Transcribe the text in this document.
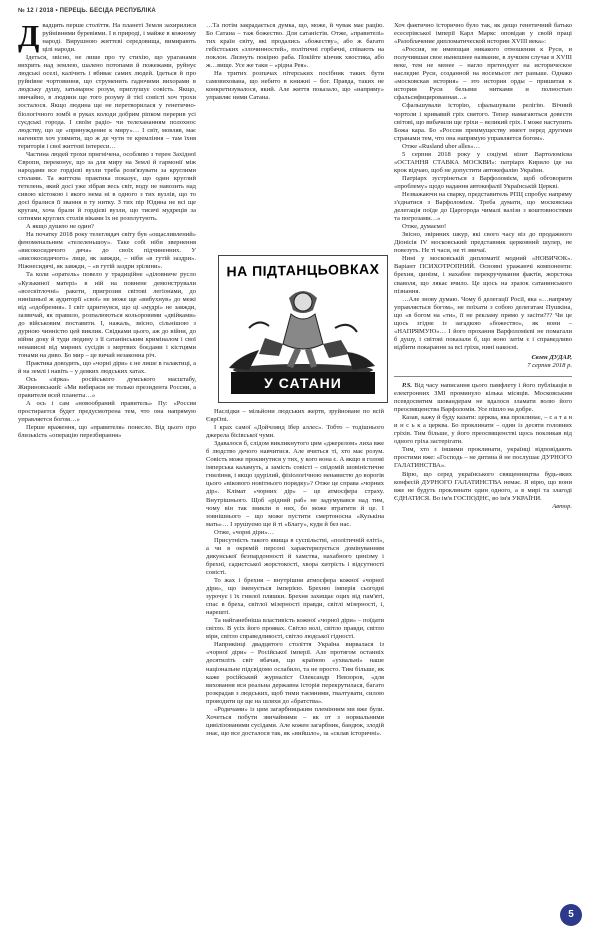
№ 12 / 2018 • ПЕРЕЦЬ. БЕСІДА РЕСПУБЛІКА
Д вадцять перше століття. На планеті Земля захирилися руйнівними буревіями. І в природі, і майже в кожному народі. Вирушною життєві середовища, вимирають цілі народи.

Ідеться, звісно, не лише про ту стихію, що ураганами вихрить над землею, шалено потопами й пожежами, руйнує людські оселі, калічить і вбиває самих людей. Ідеться й про руйнівне чортовиння, що струменить гадючими вихорами в людську душу, затьмарює розум, приглушує совість. Якщо, звичайно, в людини ще того розуму й тієї совісті хоч трохи зосталося. Якщо людина ще не перетворилася у генетично-біологічного зомбі в руках колоди добрим ріпком перерив усі суєдські города. І своїм радіо- чи телехананням полохнос людству, що це «принуждение к миру»… І світ, мовляв, має нагенкти хоч узямити, що ж де чути те кремління – там їхня територія і свої життєві інтереси…

Частина людей трохи пригнічена, особливо з терен Західної Європи, переконує, що за для миру на Землі й гармонії між народами все гордієві вузли треба розв'язувати за круглими столами. Та життєва практика показує, що один круглий тетелень, який досі уже зібрав весь світ, воду не навозить над сивою кістокою і якого нема ні в одного з тих вузлів, що то досі бралися її звання в ту нитку. З тих пір Юдина не всі ще кругам, хоча брали й гордієві вузли, що тисячі мудреців за сотнями круглих столів віками їх не розплутують.

А якщо душею не один?

На початку 2018 року телеглядач світу був «ощасливлений» феноменальним «телеленьшоу». Таке собі ніби звернення «високосидячого дяча» до своїх підчиненних. У «високосидячого» лице, як завжди, – ніби «в гутій заздри». Ніжнесидячі, як завжди, – «в гутій заздри зрілини».

Та коли «оратель» повело у традиційне «діловниче русло «Кузькиної матері» в ній на повнене демонстрували «всесвітлочні» ракети, пригрозив світові легіонами, до нинішньої ж аудиторії «свої» не може ще «вибухнув» до межі від «одобрения». І світ здригнувся, що ці «мудрі» не завжди, зазвичай, як правило, розпалюються кольоровими «двійками» до військовим поставити. І, нажаль, звісно, сільнішою з дурною чинністю цей виклик. Свідками цього, аж до війни, до війни доку й туди людину з її сатанінським криміналом і свої ненависні від мирних сусідів з мертвих боєдами і кістцями тонами на диво. Бо мир – це вичай незаконна річ.

Практика доводить, що «чорні діри» є не лише в галактиці, а й на землі і навіть – у деяких людських хатах.

Ось «зірка» російського думського масштабу, Жириновський: «Ми вибираєм не только президента России, а правителя всей планеты…»

А ось і сам «новообраний правитель» Пу: «Россия простирается будет предусмотрена тем, что она напрямую управляется богом…»

Перше враження, що «правителя» понесло. Від цього про близькість «операцію перезбирання»

…Та потім закрадається думка, що, може, й чувак має рацію. Бо Сатана – таж божество. Для сатаністів. Отже, «правителі» тих країн світу, які продались «божеству», або ж багато гебістських «злочинностей», політичні горбачні, співають на поклон. Лизнуть покірно раба. Покійте кінчик хвостика, або ж…вище. Усе же таки – «рідна Рея».

На тритих розпачах пітерських посібник таких бути самовихована, що небито в книжні – бог. Правда, таких не конкретизувалося, який. Але життя показало, що «напряму» управляє ними Сатана.

НА ПІДТАНЦЬОВКАХ
У САТАНИ

Наслідки – мільйони людських жертв, зруйноване по всій ЄврОпі.

І крах самої «Дойчлянд їбер аллес». Тобто – тодішнього джерела бісівської чуми.

Здавалося б, слідом викликнутого цим «джерелом» лиха вже б людство дечого навчитися. Але вчиться ті, хто має розум. Совість може прокинутися у тих, у кого вона є. А якщо в голові імперська каламуть, а замість совісті – свідомій шовіністичне гниління, і якщо здурілий, фізіологічною ненавистю до ворогів цього «вікового новітнього порядку»? Отже це справа «чорних дір». Клімат «чорних дір» – це атмосфера страху. Внутрішнього. Щоб «рідний раб» не задумувався над тим, чому він так зникли в них, бо може втратити й це. І зовнішнього – що може пустити смертоносна «Кузькіна мать»… І зрушуємо ще й ті «Благу», куди й без нас.

Отже, «чорні діри»…

Присутність такого явища в суспільстві, «політичній еліті», а чи в окремій персоні характеризується домінуванням дикунської безпардонності й хамства, нахабного цинізму і брехні, садистської жорстокості, хвора хитрість і відсутності совісті.

То жах і брехня – внутрішня атмосфера кожної «чорної діри», що іменується імперією. Брехню імперія сьогодні зурочує і їх гнилої пляшки. Брехня захищає оцих від пам'яті, спас в бреха, світлої мізерності правди, світлі мізерності, і, нарешті.

Та найганебніша властивість кожної «чорної діри» – поїдати світло. В усіх його проявах. Світло волі, світло правди, світло віри, світло справедливості, світло людської гідності.

Наприкінці двадцятого століття Україна вирвалася із «чорної діри» – Російської імперії. Але протягом останніх десятиліть світ вбачав, що країною «ухвальні» наше національне підсвідомо ослабило, та не просто. Тим більше, як каже російський журналіст Олександр Невзоров, «для виховання вся реальна державна історія перекрутилася, багато розкрадав з людських, щоб тими таємними, гвалтувати, силою проводити це ще на шляхи до «братства».

«Родичами» із цим загарбницьким племінним ми вже були. Хочеться побути звичайними – як от з нормальними цивілізованими сусідами. Але кожен загарбник, бандюк, злодій знає, що все досталося так, як «вийшло», за «склав історичні».

Хоч фактично історично було так, як дещо генетичний батько есесерівської імперії Карл Маркс оповідав у своїй праці «Разоблачение дипломатической истории XVIII века»:

«Россия, не имеющая никакого отношения к Руси, и получившая свое нынешнее название, в лучшем случае в XVIII веке, тем не менее – нагло претендует на историческое наследие Руси, созданной на восемьсот лет раньше. Однако «московская история» – это история орды – пришитая к истории Руси белыми нитками и полностью сфальсифицированная…»

Сфальшували історію, сфальшували релігію. Вічний чортоли і кривавий гріх святого. Тепер намагаються довести світові, що вибачили ще гріхи – великий гріх. І може наступить Божа кара. Бо «Россия преимуществу имеет перед другими странами тем, что она напрямую управляется богом».

Отже «Rusland uber alles»…

5 серпня 2018 року у соціумі візит Вартоломієва «ОСТАННЯ СТАВКА МОСКВИ»: патріарх Кирило іде на крок відчаю, щоб не допустити автокефалію України.

Патріарх зустрінеться з Варфоломієм, щоб обговорити «проблему» щодо надання автокефалії Українській Церкві.

Незважаючи на сварку, представитель РПЦ спробує напряму з'єднатися з Варфоломієм. Треба думати, що московська делегація поїде до Царгорода чималі валізи з коштовностями та погрозами…»

Отже, думаємо!

Звісно, звіриних шкур, які свого часу віз до продажного Діонісія IV московський представник церковний шулер, не повезуть. Не ті часи, не ті звичаї.

Нині у московській дипломатії модний «НОВИЧОК». Варіант ПСИХОТРОПНИЙ. Основні уражаючі компоненти: брехня, цинізм, і нахабне перекручування фактів, жорстока сваволя, що лякає вчило. Це щось на зразок сатанинського пізнання.

…Але знову думаю. Чому б делегації Росії, яка «…напряму управляється богом», не поїхати з собою делегатам Пушкіна, що «в богом на «ти», її не рекламу прямо у засіти??? Чи це щось згідне із загадкою «божество», як вони – «НАПРЯМУЮ»… І його прохання Варфоломієві не помагали б душу, і світові показали б, що воно затім є і справедливо відбити покарання за всі гріхи, нині накоєні.

Євген ДУДАР,

7 серпня 2018 р.

P.S. Від часу написання цього памфлету і його публікація в електронних ЗМІ проминуло кілька місяців. Московським псевдосвятим шовандерам не вдалося зламати волю його преосвященства Варфоломія. Усе пішло на добре.

Казав, кажу й буду казати: церква, яка проклинає, – с а т а н и н с ь к а церква. Бо проклинати – один із десяти головних гріхів. Тим більше, у його преосвященстві щось покликав від одного гріха застерігати.

Тим, хто з іншими проклинати, українці відповідають простими вже: «Господь – не дитина й не послушає ДУРНОГО ГАЛАТИНСТВА».

Вірю, що серед українського священництва будь-яких конфесій ДУРНОГО ГАЛАТИНСТВА немає. Я вірю, що вони вже не будуть проклинати один одного, а в мирі та злагоді ЄДНАТИСЯ. Во ім'я ГОСПОДНЄ, во ім'я УКРАЇНИ.

Автор.

5
